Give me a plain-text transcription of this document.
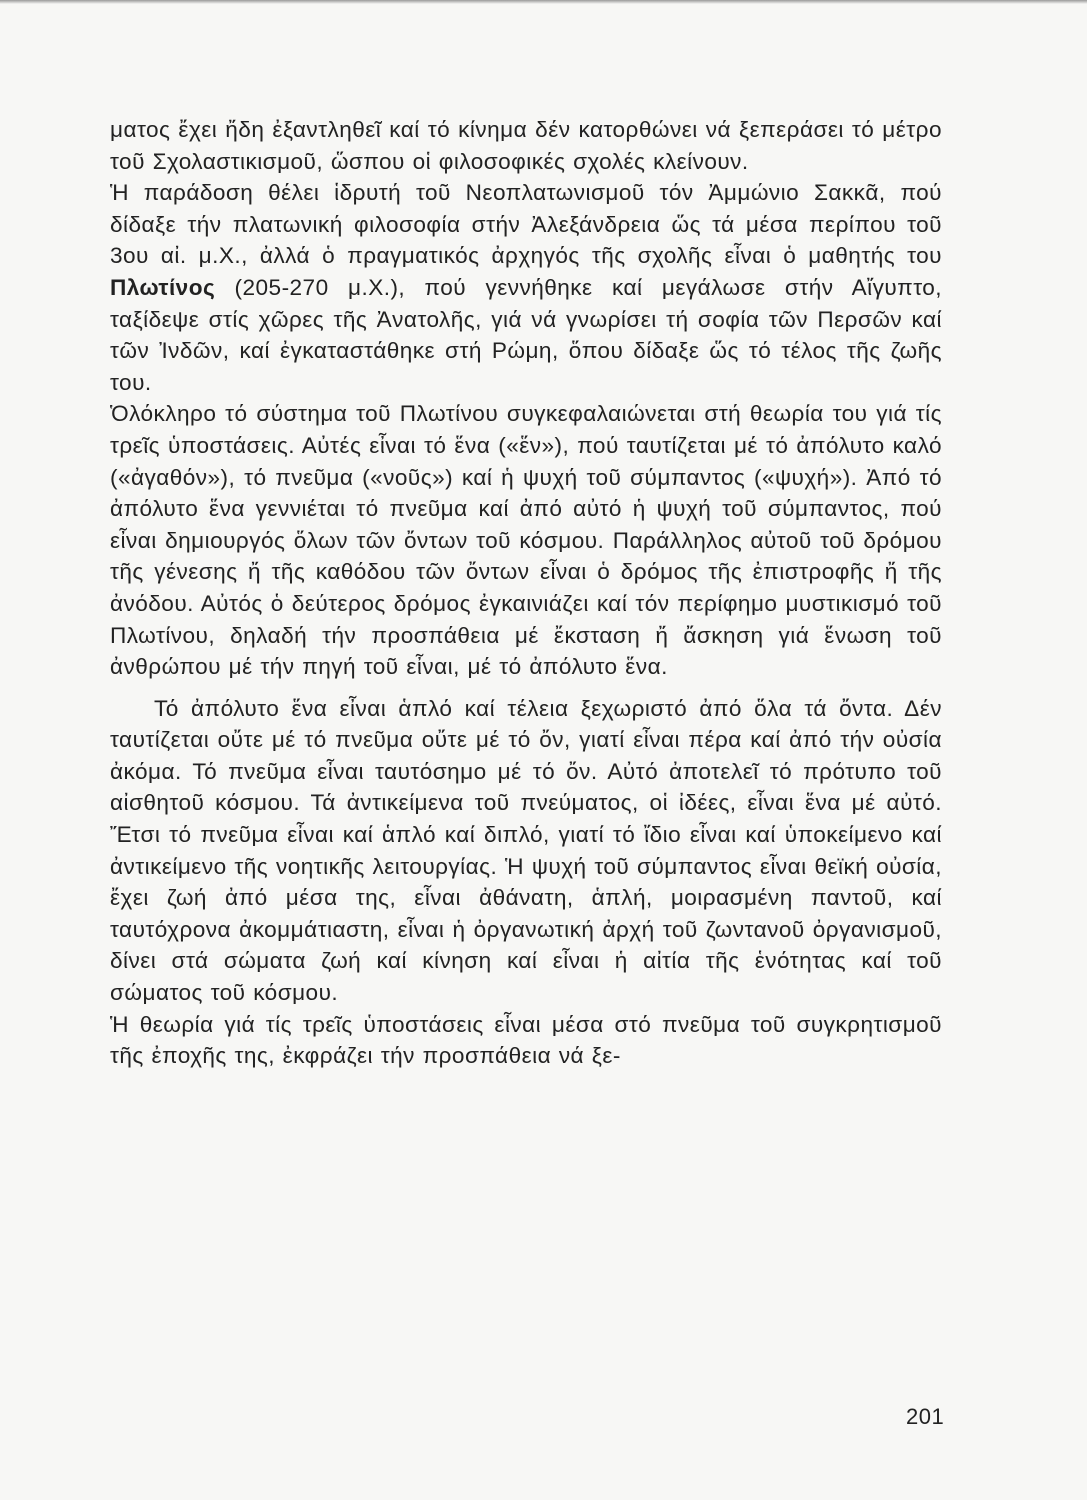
ματος ἔχει ἤδη ἐξαντληθεῖ καί τό κίνημα δέν κατορθώνει νά ξεπεράσει τό μέτρο τοῦ Σχολαστικισμοῦ, ὥσπου οἱ φιλοσοφικές σχολές κλείνουν.

Ἡ παράδοση θέλει ἱδρυτή τοῦ Νεοπλατωνισμοῦ τόν Ἀμμώνιο Σακκᾶ, πού δίδαξε τήν πλατωνική φιλοσοφία στήν Ἀλεξάνδρεια ὥς τά μέσα περίπου τοῦ 3ου αἰ. μ.Χ., ἀλλά ὁ πραγματικός ἀρχηγός τῆς σχολῆς εἶναι ὁ μαθητής του Πλωτίνος (205-270 μ.Χ.), πού γεννήθηκε καί μεγάλωσε στήν Αἴγυπτο, ταξίδεψε στίς χῶρες τῆς Ἀνατολῆς, γιά νά γνωρίσει τή σοφία τῶν Περσῶν καί τῶν Ἰνδῶν, καί ἐγκαταστάθηκε στή Ρώμη, ὅπου δίδαξε ὥς τό τέλος τῆς ζωῆς του.

Ὁλόκληρο τό σύστημα τοῦ Πλωτίνου συγκεφαλαιώνεται στή θεωρία του γιά τίς τρεῖς ὑποστάσεις. Αὐτές εἶναι τό ἕνα («ἕν»), πού ταυτίζεται μέ τό ἀπόλυτο καλό («ἀγαθόν»), τό πνεῦμα («νοῦς») καί ἡ ψυχή τοῦ σύμπαντος («ψυχή»). Ἀπό τό ἀπόλυτο ἕνα γεννιέται τό πνεῦμα καί ἀπό αὐτό ἡ ψυχή τοῦ σύμπαντος, πού εἶναι δημιουργός ὅλων τῶν ὄντων τοῦ κόσμου. Παράλληλος αὐτοῦ τοῦ δρόμου τῆς γένεσης ἤ τῆς καθόδου τῶν ὄντων εἶναι ὁ δρόμος τῆς ἐπιστροφῆς ἤ τῆς ἀνόδου. Αὐτός ὁ δεύτερος δρόμος ἐγκαινιάζει καί τόν περίφημο μυστικισμό τοῦ Πλωτίνου, δηλαδή τήν προσπάθεια μέ ἔκσταση ἤ ἄσκηση γιά ἕνωση τοῦ ἀνθρώπου μέ τήν πηγή τοῦ εἶναι, μέ τό ἀπόλυτο ἕνα.

Τό ἀπόλυτο ἕνα εἶναι ἁπλό καί τέλεια ξεχωριστό ἀπό ὅλα τά ὄντα. Δέν ταυτίζεται οὔτε μέ τό πνεῦμα οὔτε μέ τό ὄν, γιατί εἶναι πέρα καί ἀπό τήν οὐσία ἀκόμα. Τό πνεῦμα εἶναι ταυτόσημο μέ τό ὄν. Αὐτό ἀποτελεῖ τό πρότυπο τοῦ αἰσθητοῦ κόσμου. Τά ἀντικείμενα τοῦ πνεύματος, οἱ ἰδέες, εἶναι ἕνα μέ αὐτό. Ἔτσι τό πνεῦμα εἶναι καί ἁπλό καί διπλό, γιατί τό ἴδιο εἶναι καί ὑποκείμενο καί ἀντικείμενο τῆς νοητικῆς λειτουργίας. Ἡ ψυχή τοῦ σύμπαντος εἶναι θεϊκή οὐσία, ἔχει ζωή ἀπό μέσα της, εἶναι ἀθάνατη, ἁπλή, μοιρασμένη παντοῦ, καί ταυτόχρονα ἀκομμάτιαστη, εἶναι ἡ ὀργανωτική ἀρχή τοῦ ζωντανοῦ ὀργανισμοῦ, δίνει στά σώματα ζωή καί κίνηση καί εἶναι ἡ αἰτία τῆς ἑνότητας καί τοῦ σώματος τοῦ κόσμου.

Ἡ θεωρία γιά τίς τρεῖς ὑποστάσεις εἶναι μέσα στό πνεῦμα τοῦ συγκρητισμοῦ τῆς ἐποχῆς της, ἐκφράζει τήν προσπάθεια νά ξε-

201
